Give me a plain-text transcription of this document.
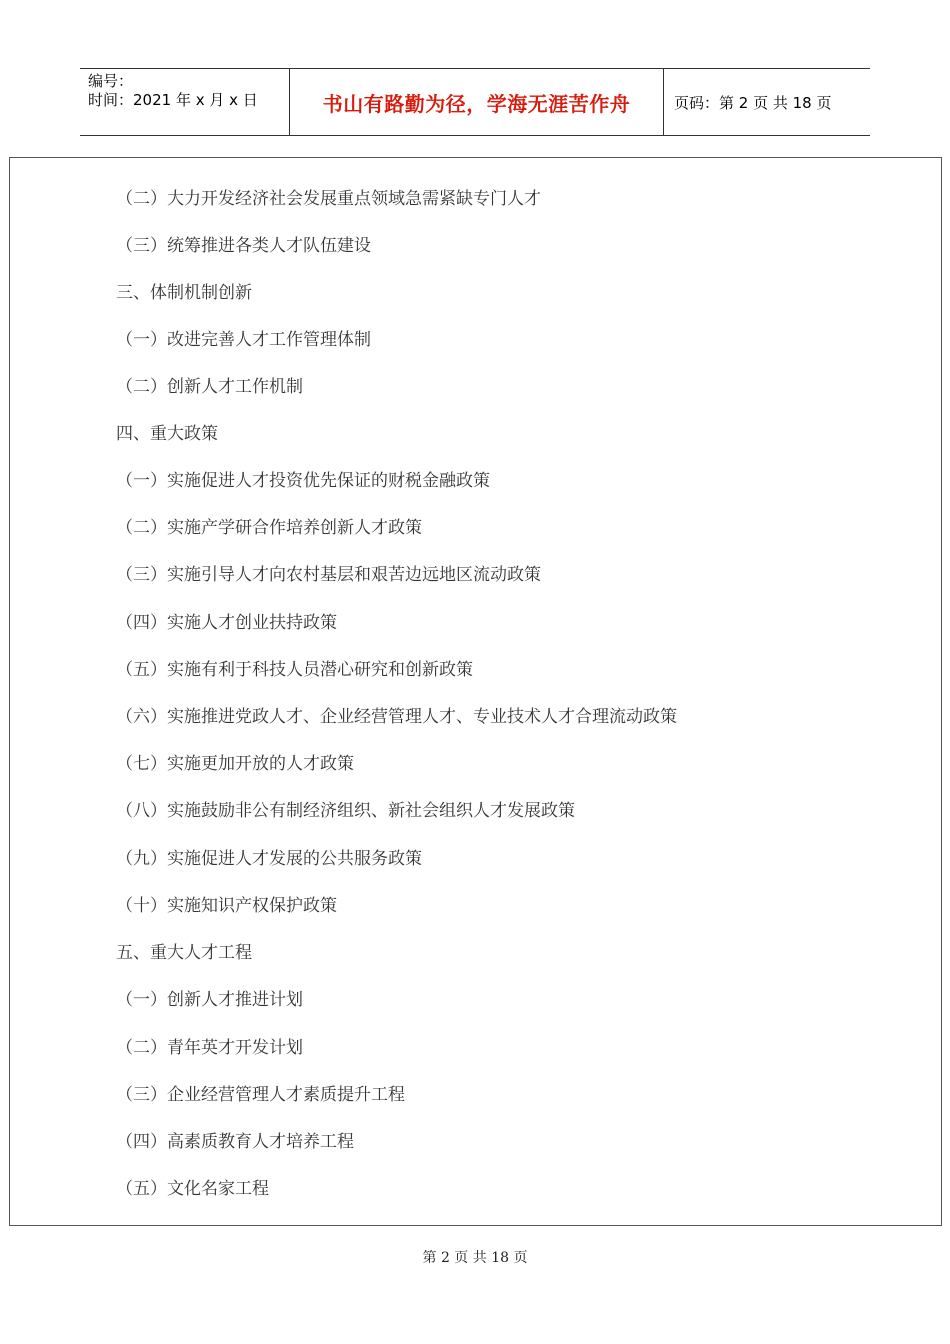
编号：
时间：2021 年 x 月 x 日	书山有路勤为径，学海无涯苦作舟	页码：第 2 页 共 18 页
（二）大力开发经济社会发展重点领域急需紧缺专门人才
（三）统筹推进各类人才队伍建设
三、体制机制创新
（一）改进完善人才工作管理体制
（二）创新人才工作机制
四、重大政策
（一）实施促进人才投资优先保证的财税金融政策
（二）实施产学研合作培养创新人才政策
（三）实施引导人才向农村基层和艰苦边远地区流动政策
（四）实施人才创业扶持政策
（五）实施有利于科技人员潜心研究和创新政策
（六）实施推进党政人才、企业经营管理人才、专业技术人才合理流动政策
（七）实施更加开放的人才政策
（八）实施鼓励非公有制经济组织、新社会组织人才发展政策
（九）实施促进人才发展的公共服务政策
（十）实施知识产权保护政策
五、重大人才工程
（一）创新人才推进计划
（二）青年英才开发计划
（三）企业经营管理人才素质提升工程
（四）高素质教育人才培养工程
（五）文化名家工程
第 2 页 共 18 页
